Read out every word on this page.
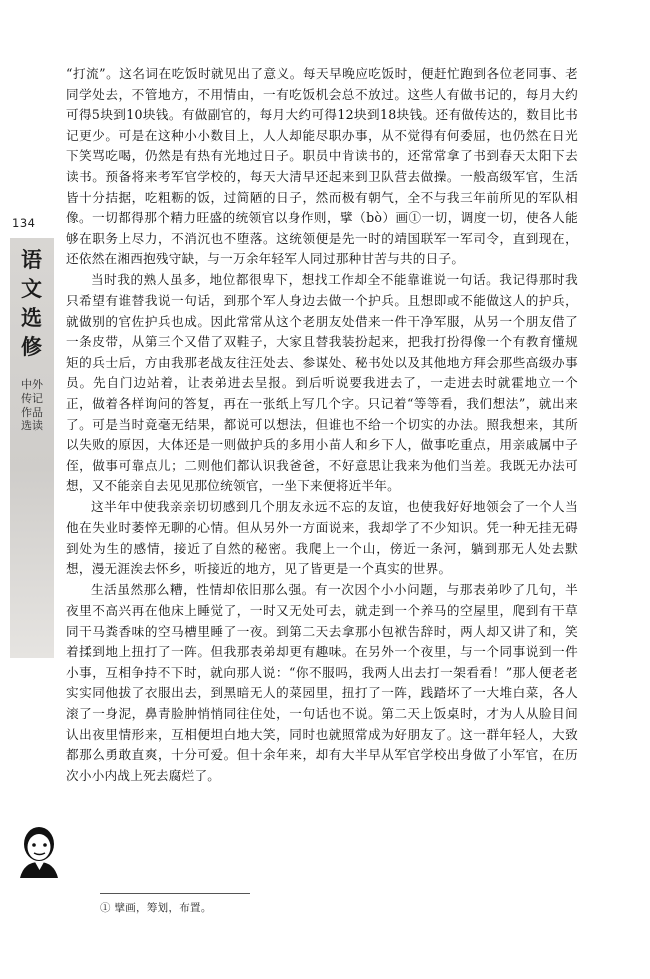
134
语文选修
中外传记作品选读

“打流”。这名词在吃饭时就见出了意义。每天早晚应吃饭时，便赶忙跑到各位老同事、老同学处去，不管地方，不用情由，一有吃饭机会总不放过。这些人有做书记的，每月大约可得5块到10块钱。有做副官的，每月大约可得12块到18块钱。还有做传达的，数目比书记更少。可是在这种小小数目上，人人却能尽职办事，从不觉得有何委屈，也仍然在日光下笑骂吃喝，仍然是有热有光地过日子。职员中肯读书的，还常常拿了书到春天太阳下去读书。预备将来考军官学校的，每天大清早还起来到卫队营去做操。一般高级军官，生活皆十分拮据，吃粗粝的饭，过简陋的日子，然而极有朝气，全不与我三年前所见的军队相像。一切都得那个精力旺盛的统领官以身作则，擘（bò）画①一切，调度一切，使各人能够在职务上尽力，不消沉也不堕落。这统领便是先一时的靖国联军一军司令，直到现在，还依然在湘西抱残守缺，与一万余年轻军人同过那种甘苦与共的日子。

当时我的熟人虽多，地位都很卑下，想找工作却全不能靠谁说一句话。我记得那时我只希望有谁替我说一句话，到那个军人身边去做一个护兵。且想即或不能做这人的护兵，就做别的官佐护兵也成。因此常常从这个老朋友处借来一件干净军服，从另一个朋友借了一条皮带，从第三个又借了双鞋子，大家且替我装扮起来，把我打扮得像一个有教育懂规矩的兵士后，方由我那老战友往汪处去、参谋处、秘书处以及其他地方拜会那些高级办事员。先自门边站着，让表弟进去呈报。到后听说要我进去了，一走进去时就霍地立一个正，做着各样询问的答复，再在一张纸上写几个字。只记着“等等看，我们想法”，就出来了。可是当时竟毫无结果，都说可以想法，但谁也不给一个切实的办法。照我想来，其所以失败的原因，大体还是一则做护兵的多用小苗人和乡下人，做事吃重点，用亲戚属中子侄，做事可靠点儿；二则他们都认识我爸爸，不好意思让我来为他们当差。我既无办法可想，又不能亲自去见见那位统领官，一坐下来便将近半年。

这半年中使我亲亲切切感到几个朋友永远不忘的友谊，也使我好好地领会了一个人当他在失业时萎悴无聊的心情。但从另外一方面说来，我却学了不少知识。凭一种无挂无碍到处为生的感情，接近了自然的秘密。我爬上一个山，傍近一条河，躺到那无人处去默想，漫无涯涘去怀乡，听接近的地方，见了皆更是一个真实的世界。

生活虽然那么糟，性情却依旧那么强。有一次因个小小问题，与那表弟吵了几句，半夜里不高兴再在他床上睡觉了，一时又无处可去，就走到一个养马的空屋里，爬到有干草同干马粪香味的空马槽里睡了一夜。到第二天去拿那小包袱告辞时，两人却又讲了和，笑着揉到地上扭打了一阵。但我那表弟却更有趣味。在另外一个夜里，与一个同事说到一件小事，互相争持不下时，就向那人说：“你不服吗，我两人出去打一架看看！”那人便老老实实同他拔了衣服出去，到黑暗无人的菜园里，扭打了一阵，践踏坏了一大堆白菜，各人滚了一身泥，鼻青脸肿悄悄同往住处，一句话也不说。第二天上饭桌时，才为人从脸目间认出夜里情形来，互相便坦白地大笑，同时也就照常成为好朋友了。这一群年轻人，大致都那么勇敢直爽，十分可爱。但十余年来，却有大半早从军官学校出身做了小军官，在历次小小内战上死去腐烂了。

① 擘画，筹划，布置。
